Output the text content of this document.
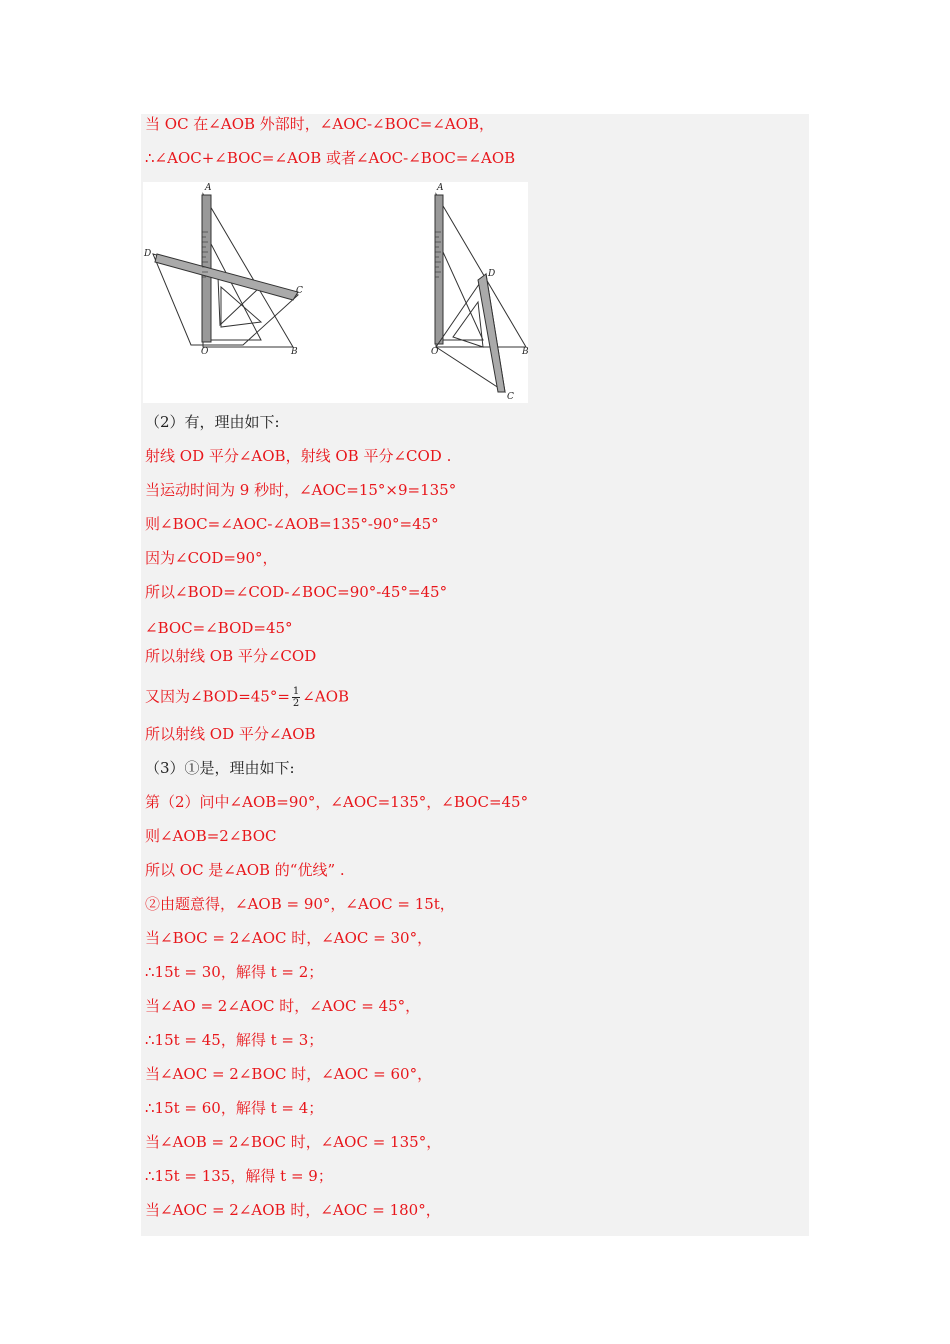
当 OC 在∠AOB 外部时，∠AOC-∠BOC=∠AOB，
∴∠AOC+∠BOC=∠AOB 或者∠AOC-∠BOC=∠AOB
A
D
C
O	B
A
D
O	B
C
（2）有，理由如下:
射线 OD 平分∠AOB，射线 OB 平分∠COD .
当运动时间为 9 秒时，∠AOC=15°×9=135°
则∠BOC=∠AOC-∠AOB=135°-90°=45°
因为∠COD=90°，
所以∠BOD=∠COD-∠BOC=90°-45°=45°
∠BOC=∠BOD=45°
所以射线 OB 平分∠COD
又因为∠BOD=45°= $\frac{1}{2}$ ∠AOB
所以射线 OD 平分∠AOB
（3）①是，理由如下:
第（2）问中∠AOB=90°，∠AOC=135°，∠BOC=45°
则∠AOB=2∠BOC
所以 OC 是∠AOB 的“优线” .
②由题意得，∠AOB = 90°，∠AOC = 15t，
当∠BOC = 2∠AOC 时，∠AOC = 30°，
∴15t = 30，解得 t = 2；
当∠AO = 2∠AOC 时，∠AOC = 45°，
∴15t = 45，解得 t = 3；
当∠AOC = 2∠BOC 时，∠AOC = 60°，
∴15t = 60，解得 t = 4；
当∠AOB = 2∠BOC 时，∠AOC = 135°，
∴15t = 135，解得 t = 9；
当∠AOC = 2∠AOB 时，∠AOC = 180°，
